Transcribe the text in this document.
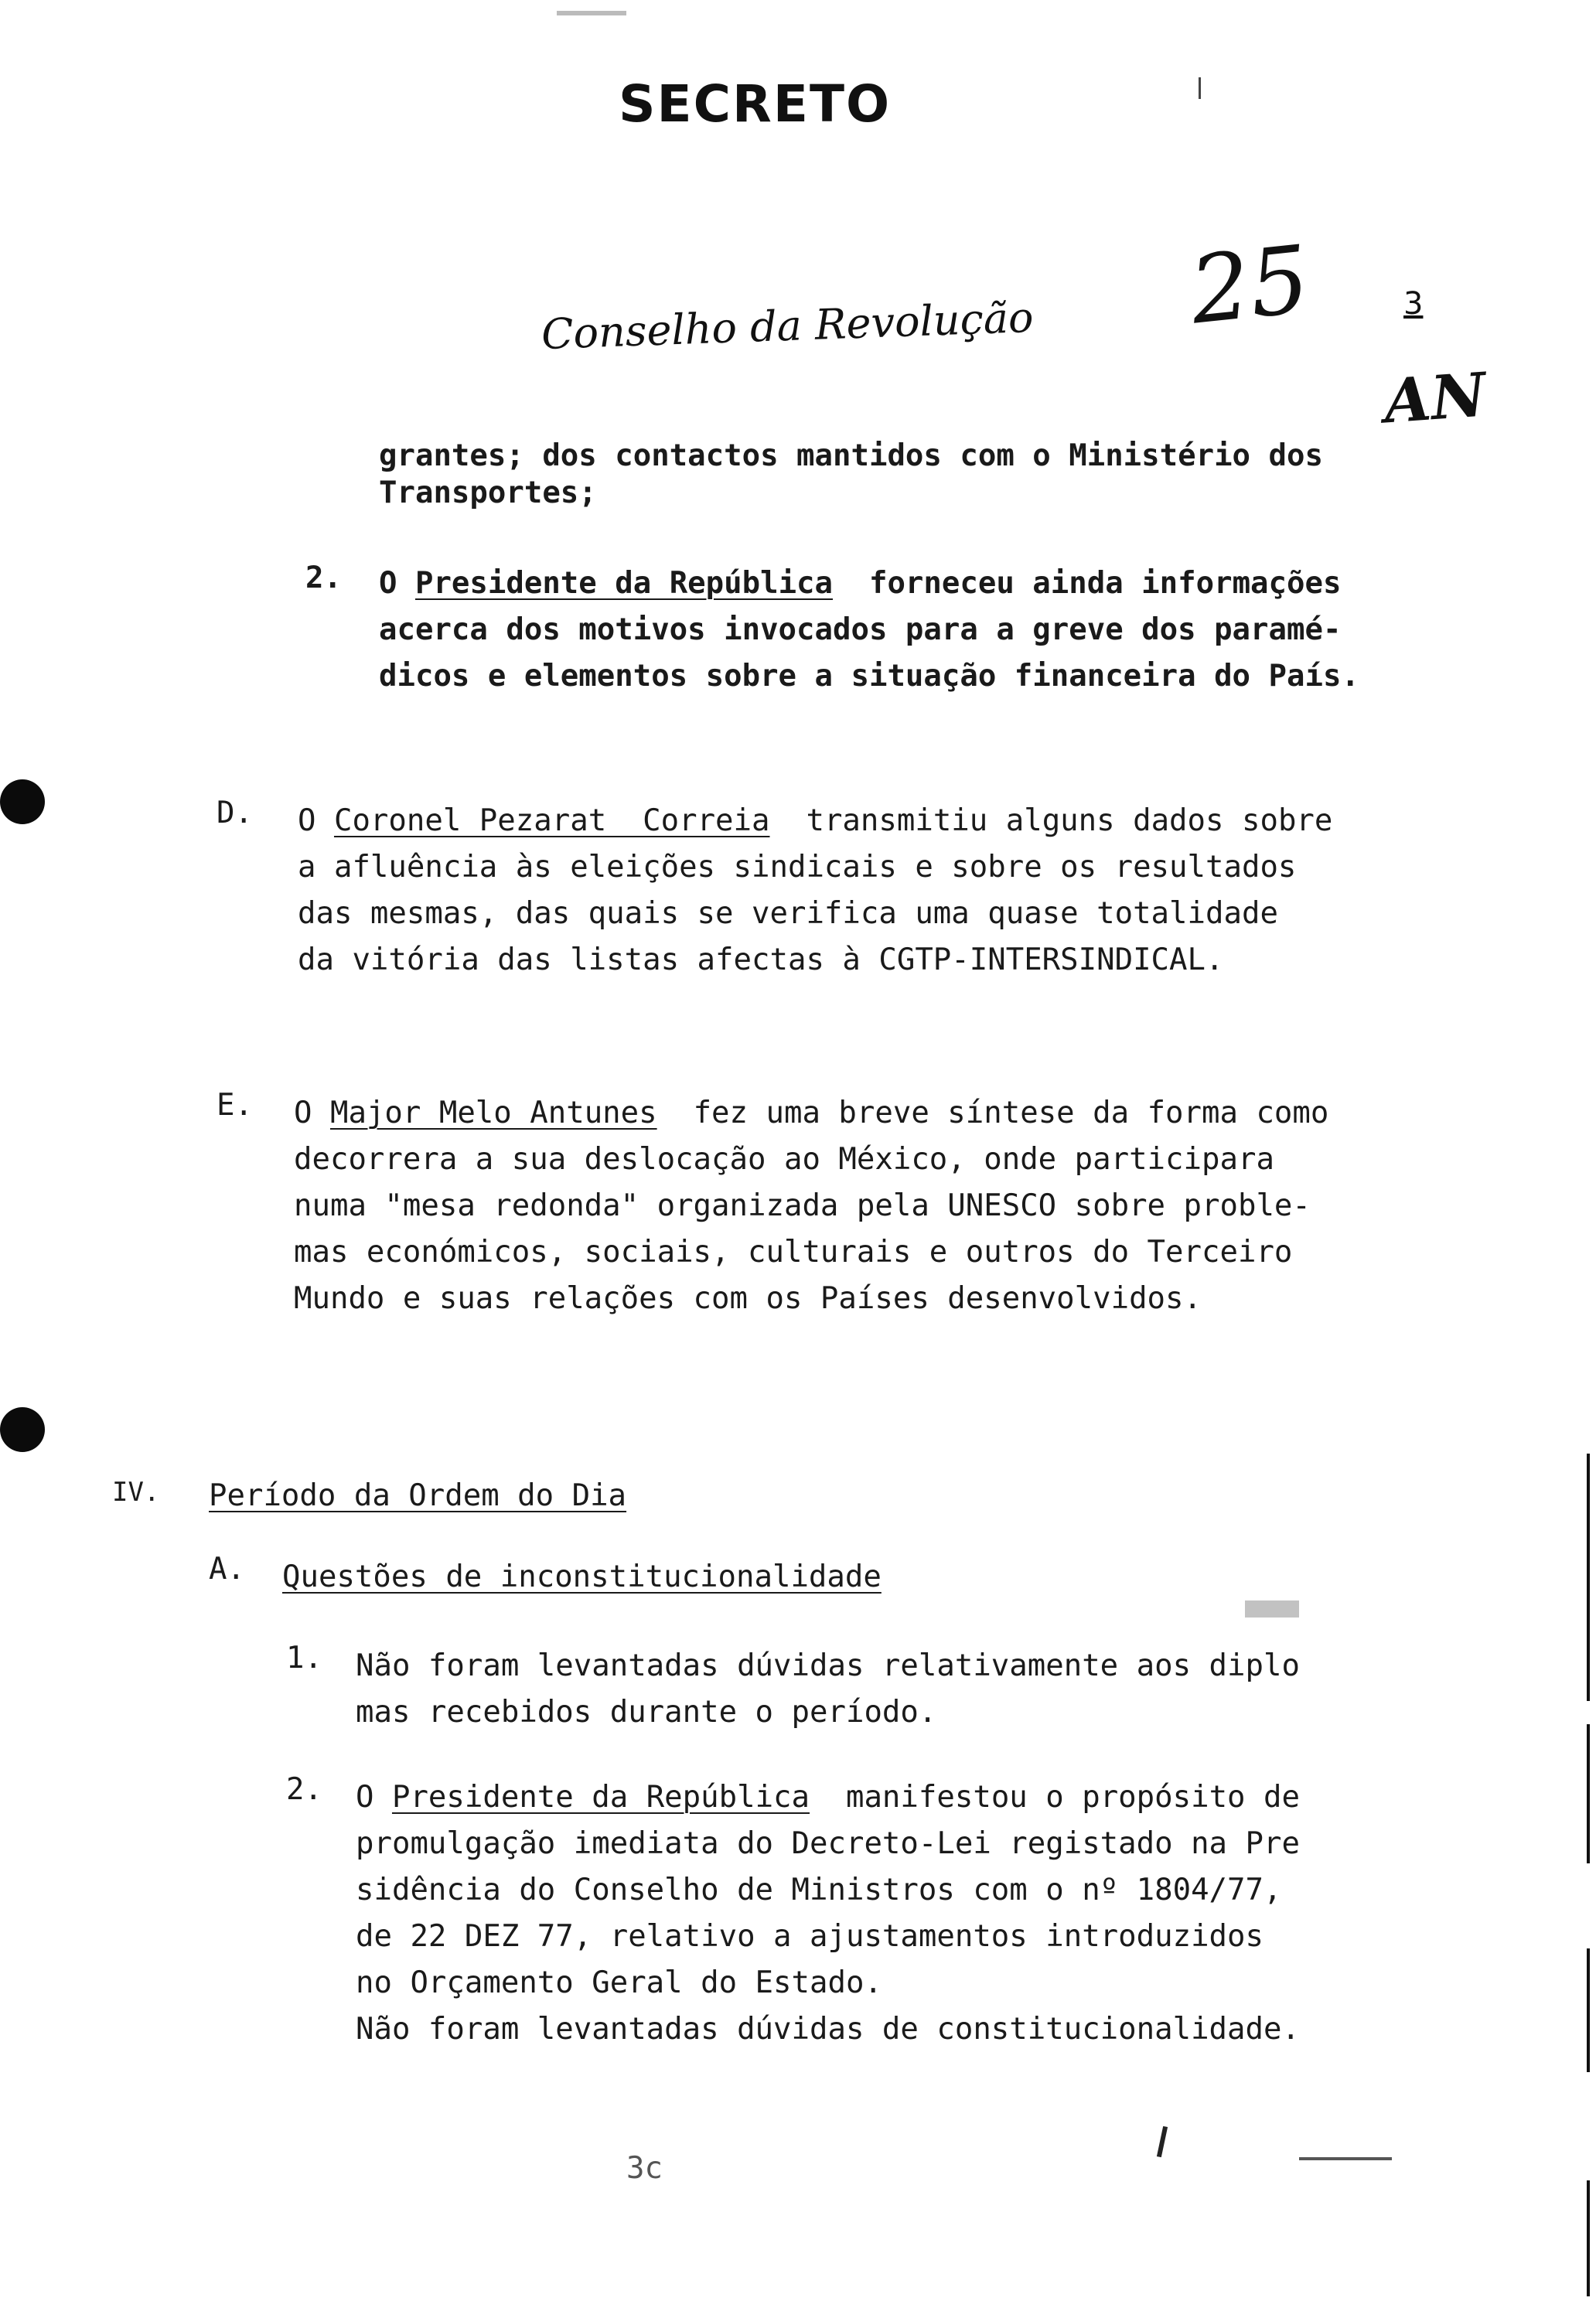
SECRETO
Conselho da Revolução 25	3
AN
grantes; dos contactos mantidos com o Ministério dos
Transportes;
2. O Presidente da República  forneceu ainda informações
acerca dos motivos invocados para a greve dos paramé-
dicos e elementos sobre a situação financeira do País.
D. O Coronel Pezarat  Correia  transmitiu alguns dados sobre
a afluência às eleições sindicais e sobre os resultados
das mesmas, das quais se verifica uma quase totalidade
da vitória das listas afectas à CGTP-INTERSINDICAL.
E. O Major Melo Antunes  fez uma breve síntese da forma como
decorrera a sua deslocação ao México, onde participara
numa "mesa redonda" organizada pela UNESCO sobre proble-
mas económicos, sociais, culturais e outros do Terceiro
Mundo e suas relações com os Países desenvolvidos.
IV. Período da Ordem do Dia
A. Questões de inconstitucionalidade
1. Não foram levantadas dúvidas relativamente aos diplo
mas recebidos durante o período.
2. O Presidente da República  manifestou o propósito de
promulgação imediata do Decreto-Lei registado na Pre
sidência do Conselho de Ministros com o nº 1804/77,
de 22 DEZ 77, relativo a ajustamentos introduzidos
no Orçamento Geral do Estado.
Não foram levantadas dúvidas de constitucionalidade.
3c
